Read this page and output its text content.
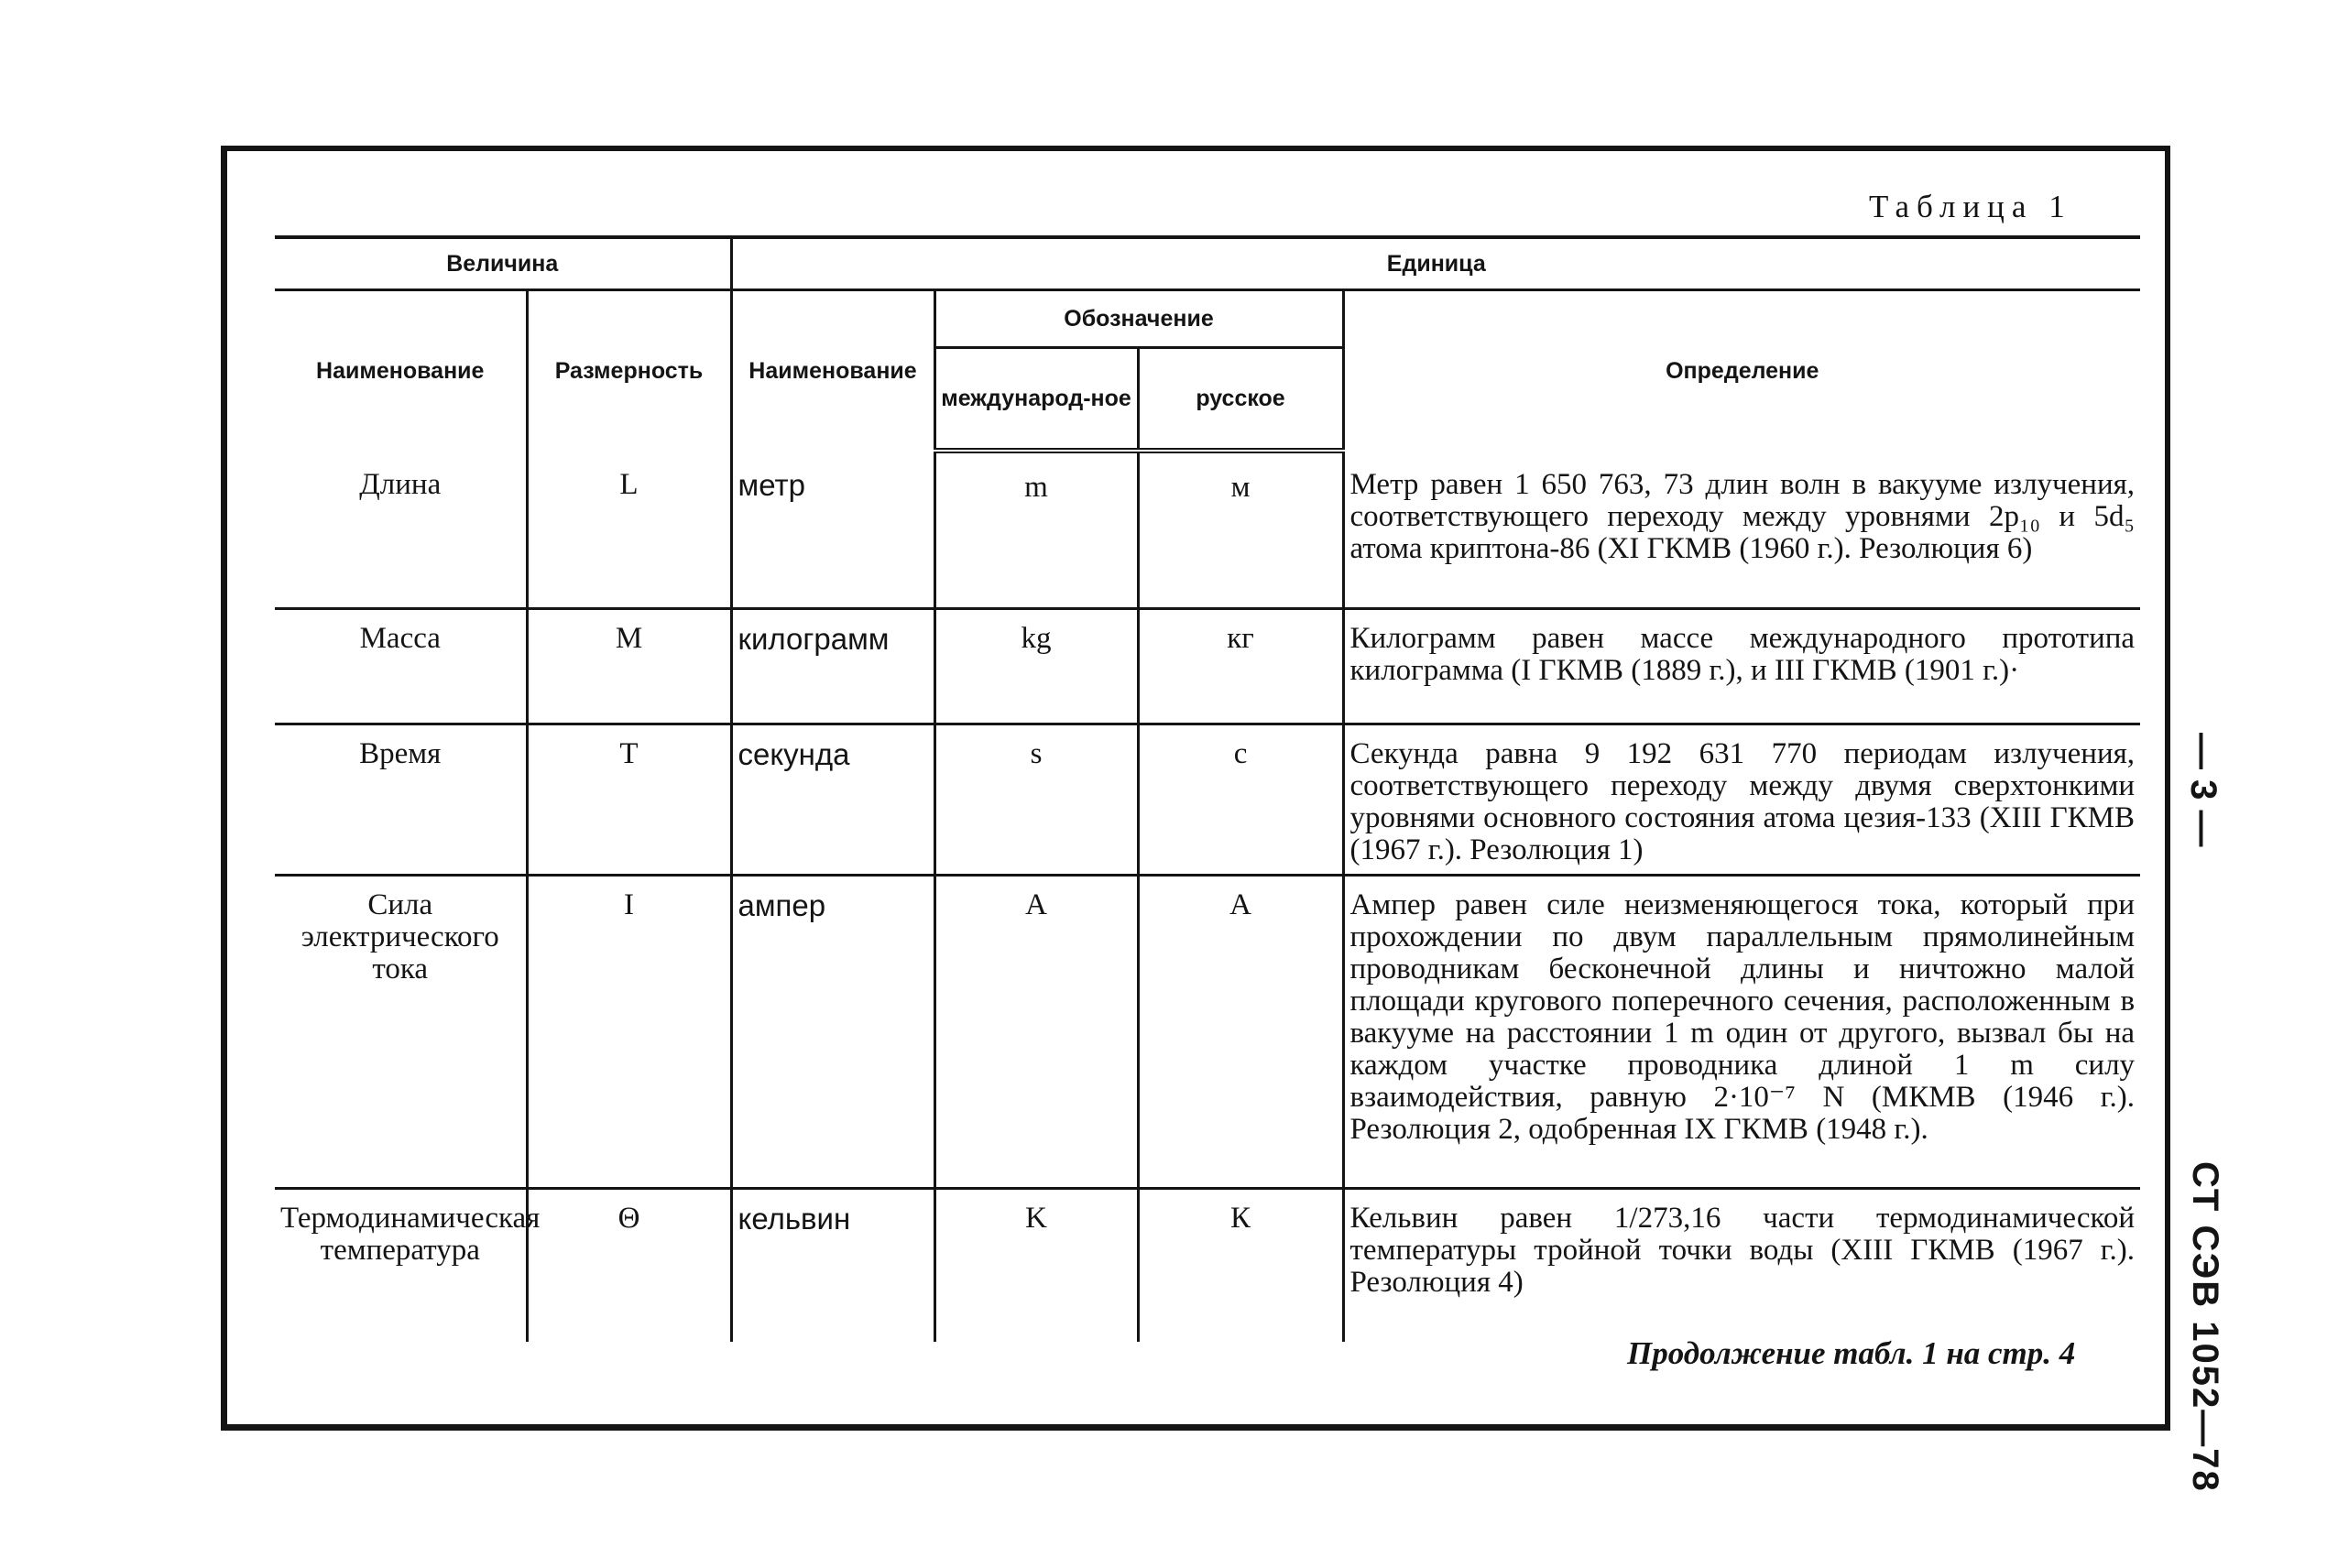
Таблица 1
Величина		Единица			
Наименование	Размерность	Наименование	Обозначение		Определение
			международ-ное	русское	
Длина	L	метр	m	м	Метр равен 1 650 763, 73 длин волн в вакууме излучения, соответствующего переходу между уровнями 2p₁₀ и 5d₅ атома криптона-86 (XI ГКМВ (1960 г.). Резолюция 6)
Масса	M	килограмм	kg	кг	Килограмм равен массе международного прототипа килограмма (I ГКМВ (1889 г.), и III ГКМВ (1901 г.)·
Время	T	секунда	s	с	Секунда равна 9 192 631 770 периодам излучения, соответствующего переходу между двумя сверхтонкими уровнями основного состояния атома цезия-133 (XIII ГКМВ (1967 г.). Резолюция 1)
Сила электрического тока	I	ампер	A	А	Ампер равен силе неизменяющегося тока, который при прохождении по двум параллельным прямолинейным проводникам бесконечной длины и ничтожно малой площади кругового поперечного сечения, расположенным в вакууме на расстоянии 1 m один от другого, вызвал бы на каждом участке проводника длиной 1 m силу взаимодействия, равную 2·10⁻⁷ N (МКМВ (1946 г.). Резолюция 2, одобренная IX ГКМВ (1948 г.).
Термодинамическая температура	Θ	кельвин	K	К	Кельвин равен 1/273,16 части термодинамической температуры тройной точки воды (XIII ГКМВ (1967 г.). Резолюция 4)
Продолжение табл. 1 на стр. 4
— 3 —
СТ СЭВ 1052—78
